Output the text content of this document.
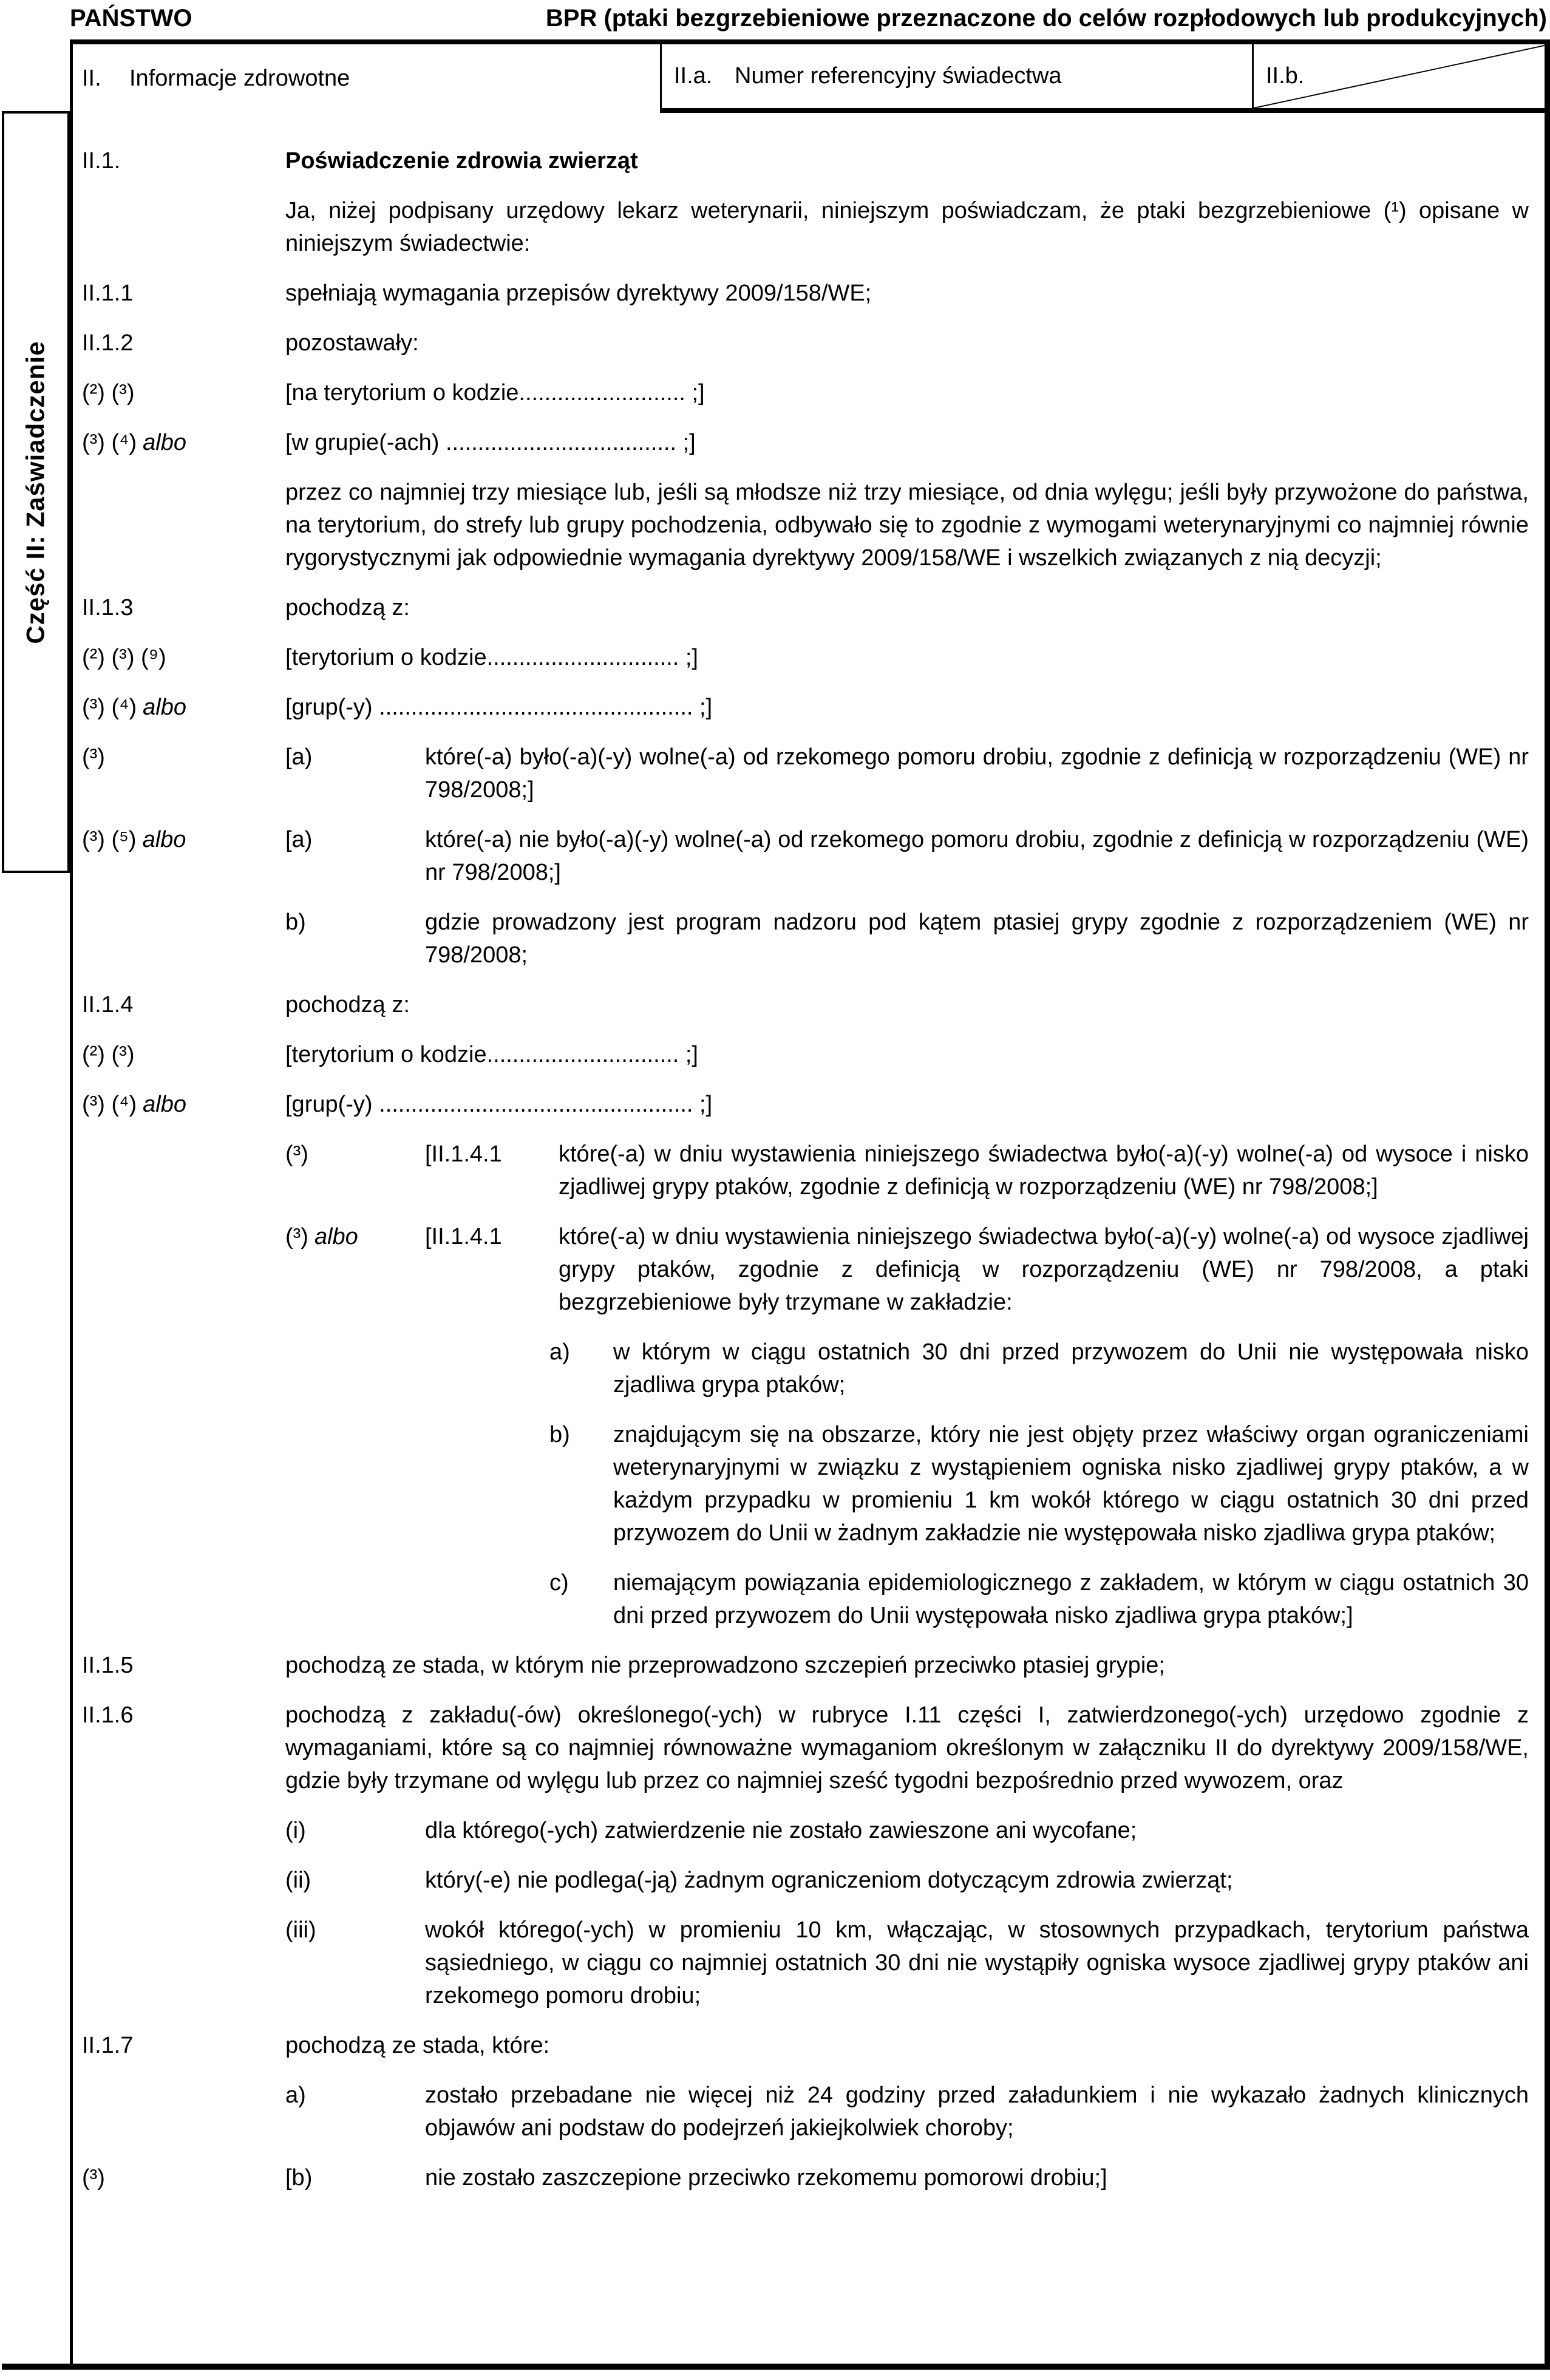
PAŃSTWO	BPR (ptaki bezgrzebieniowe przeznaczone do celów rozpłodowych lub produkcyjnych)
II.	Informacje zdrowotne	II.a. Numer referencyjny świadectwa	II.b.
Część II: Zaświadczenie
II.1.	Poświadczenie zdrowia zwierząt
Ja, niżej podpisany urzędowy lekarz weterynarii, niniejszym poświadczam, że ptaki bezgrzebieniowe (¹) opisane w niniejszym świadectwie:
II.1.1	spełniają wymagania przepisów dyrektywy 2009/158/WE;
II.1.2	pozostawały:
(²) (³)	[na terytorium o kodzie.......................... ;]
(³) (⁴) albo	[w grupie(-ach) .................................... ;]
przez co najmniej trzy miesiące lub, jeśli są młodsze niż trzy miesiące, od dnia wylęgu; jeśli były przywożone do państwa, na terytorium, do strefy lub grupy pochodzenia, odbywało się to zgodnie z wymogami weterynaryjnymi co najmniej równie rygorystycznymi jak odpowiednie wymagania dyrektywy 2009/158/WE i wszelkich związanych z nią decyzji;
II.1.3	pochodzą z:
(²) (³) (⁹)	[terytorium o kodzie.............................. ;]
(³) (⁴) albo	[grup(-y) ................................................. ;]
(³)	[a)	które(-a) było(-a)(-y) wolne(-a) od rzekomego pomoru drobiu, zgodnie z definicją w rozporządzeniu (WE) nr 798/2008;]
(³) (⁵) albo	[a)	które(-a) nie było(-a)(-y) wolne(-a) od rzekomego pomoru drobiu, zgodnie z definicją w rozporządzeniu (WE) nr 798/2008;]
b)	gdzie prowadzony jest program nadzoru pod kątem ptasiej grypy zgodnie z rozporządzeniem (WE) nr 798/2008;
II.1.4	pochodzą z:
(²) (³)	[terytorium o kodzie.............................. ;]
(³) (⁴) albo	[grup(-y) ................................................. ;]
(³)	[II.1.4.1	które(-a) w dniu wystawienia niniejszego świadectwa było(-a)(-y) wolne(-a) od wysoce i nisko zjadliwej grypy ptaków, zgodnie z definicją w rozporządzeniu (WE) nr 798/2008;]
(³) albo	[II.1.4.1	które(-a) w dniu wystawienia niniejszego świadectwa było(-a)(-y) wolne(-a) od wysoce zjadliwej grypy ptaków, zgodnie z definicją w rozporządzeniu (WE) nr 798/2008, a ptaki bezgrzebieniowe były trzymane w zakładzie:
a)	w którym w ciągu ostatnich 30 dni przed przywozem do Unii nie występowała nisko zjadliwa grypa ptaków;
b)	znajdującym się na obszarze, który nie jest objęty przez właściwy organ ograniczeniami weterynaryjnymi w związku z wystąpieniem ogniska nisko zjadliwej grypy ptaków, a w każdym przypadku w promieniu 1 km wokół którego w ciągu ostatnich 30 dni przed przywozem do Unii w żadnym zakładzie nie występowała nisko zjadliwa grypa ptaków;
c)	niemającym powiązania epidemiologicznego z zakładem, w którym w ciągu ostatnich 30 dni przed przywozem do Unii występowała nisko zjadliwa grypa ptaków;]
II.1.5	pochodzą ze stada, w którym nie przeprowadzono szczepień przeciwko ptasiej grypie;
II.1.6	pochodzą z zakładu(-ów) określonego(-ych) w rubryce I.11 części I, zatwierdzonego(-ych) urzędowo zgodnie z wymaganiami, które są co najmniej równoważne wymaganiom określonym w załączniku II do dyrektywy 2009/158/WE, gdzie były trzymane od wylęgu lub przez co najmniej sześć tygodni bezpośrednio przed wywozem, oraz
(i)	dla którego(-ych) zatwierdzenie nie zostało zawieszone ani wycofane;
(ii)	który(-e) nie podlega(-ją) żadnym ograniczeniom dotyczącym zdrowia zwierząt;
(iii)	wokół którego(-ych) w promieniu 10 km, włączając, w stosownych przypadkach, terytorium państwa sąsiedniego, w ciągu co najmniej ostatnich 30 dni nie wystąpiły ogniska wysoce zjadliwej grypy ptaków ani rzekomego pomoru drobiu;
II.1.7	pochodzą ze stada, które:
a)	zostało przebadane nie więcej niż 24 godziny przed załadunkiem i nie wykazało żadnych klinicznych objawów ani podstaw do podejrzeń jakiejkolwiek choroby;
(³)	[b)	nie zostało zaszczepione przeciwko rzekomemu pomorowi drobiu;]
